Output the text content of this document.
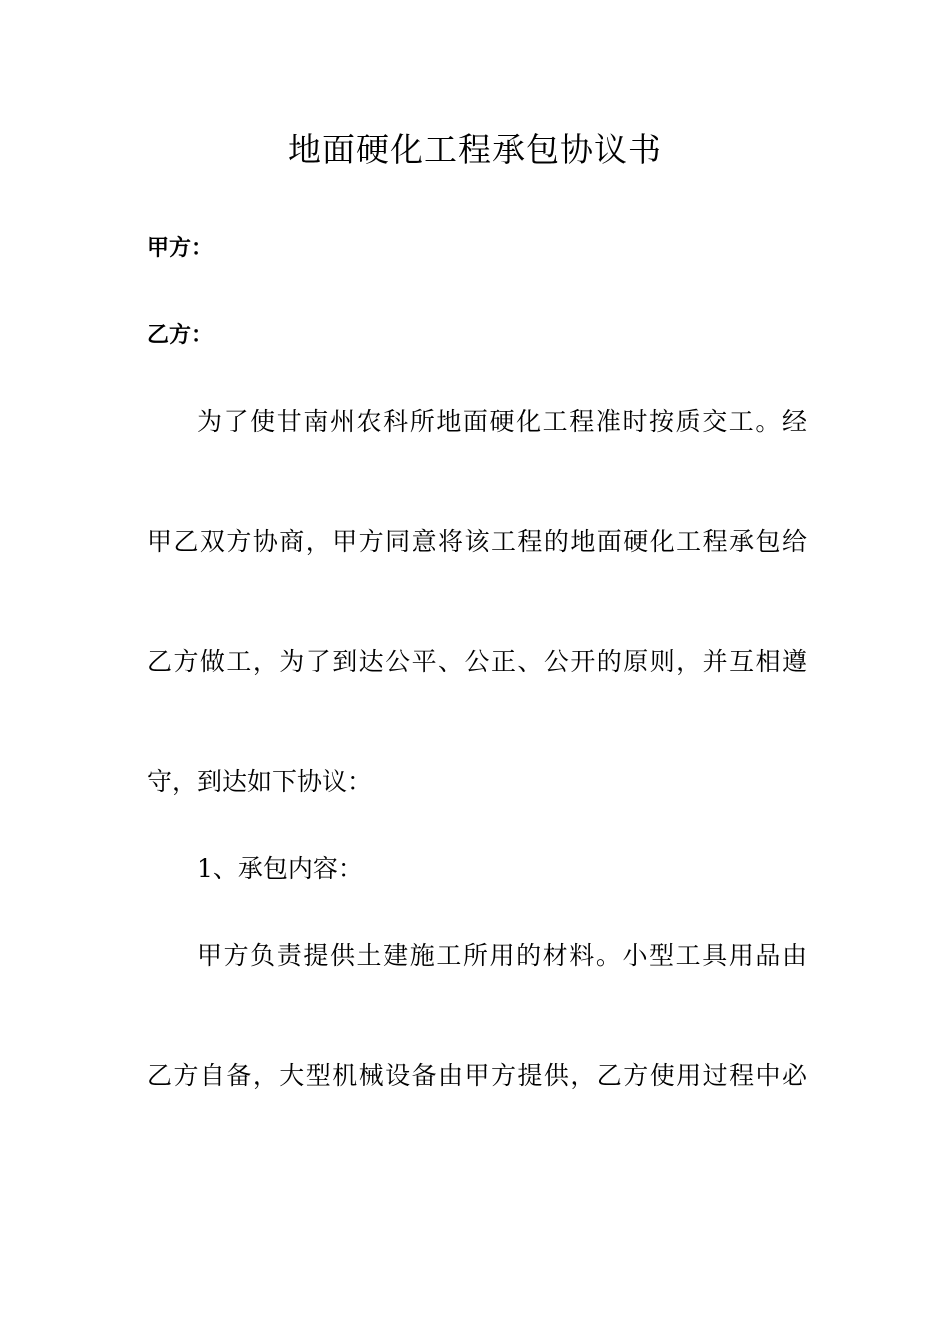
地面硬化工程承包协议书
甲方：
乙方：
为了使甘南州农科所地面硬化工程准时按质交工。经
甲乙双方协商，甲方同意将该工程的地面硬化工程承包给
乙方做工，为了到达公平、公正、公开的原则，并互相遵
守，到达如下协议：
1、承包内容：
甲方负责提供土建施工所用的材料。小型工具用品由
乙方自备，大型机械设备由甲方提供，乙方使用过程中必
